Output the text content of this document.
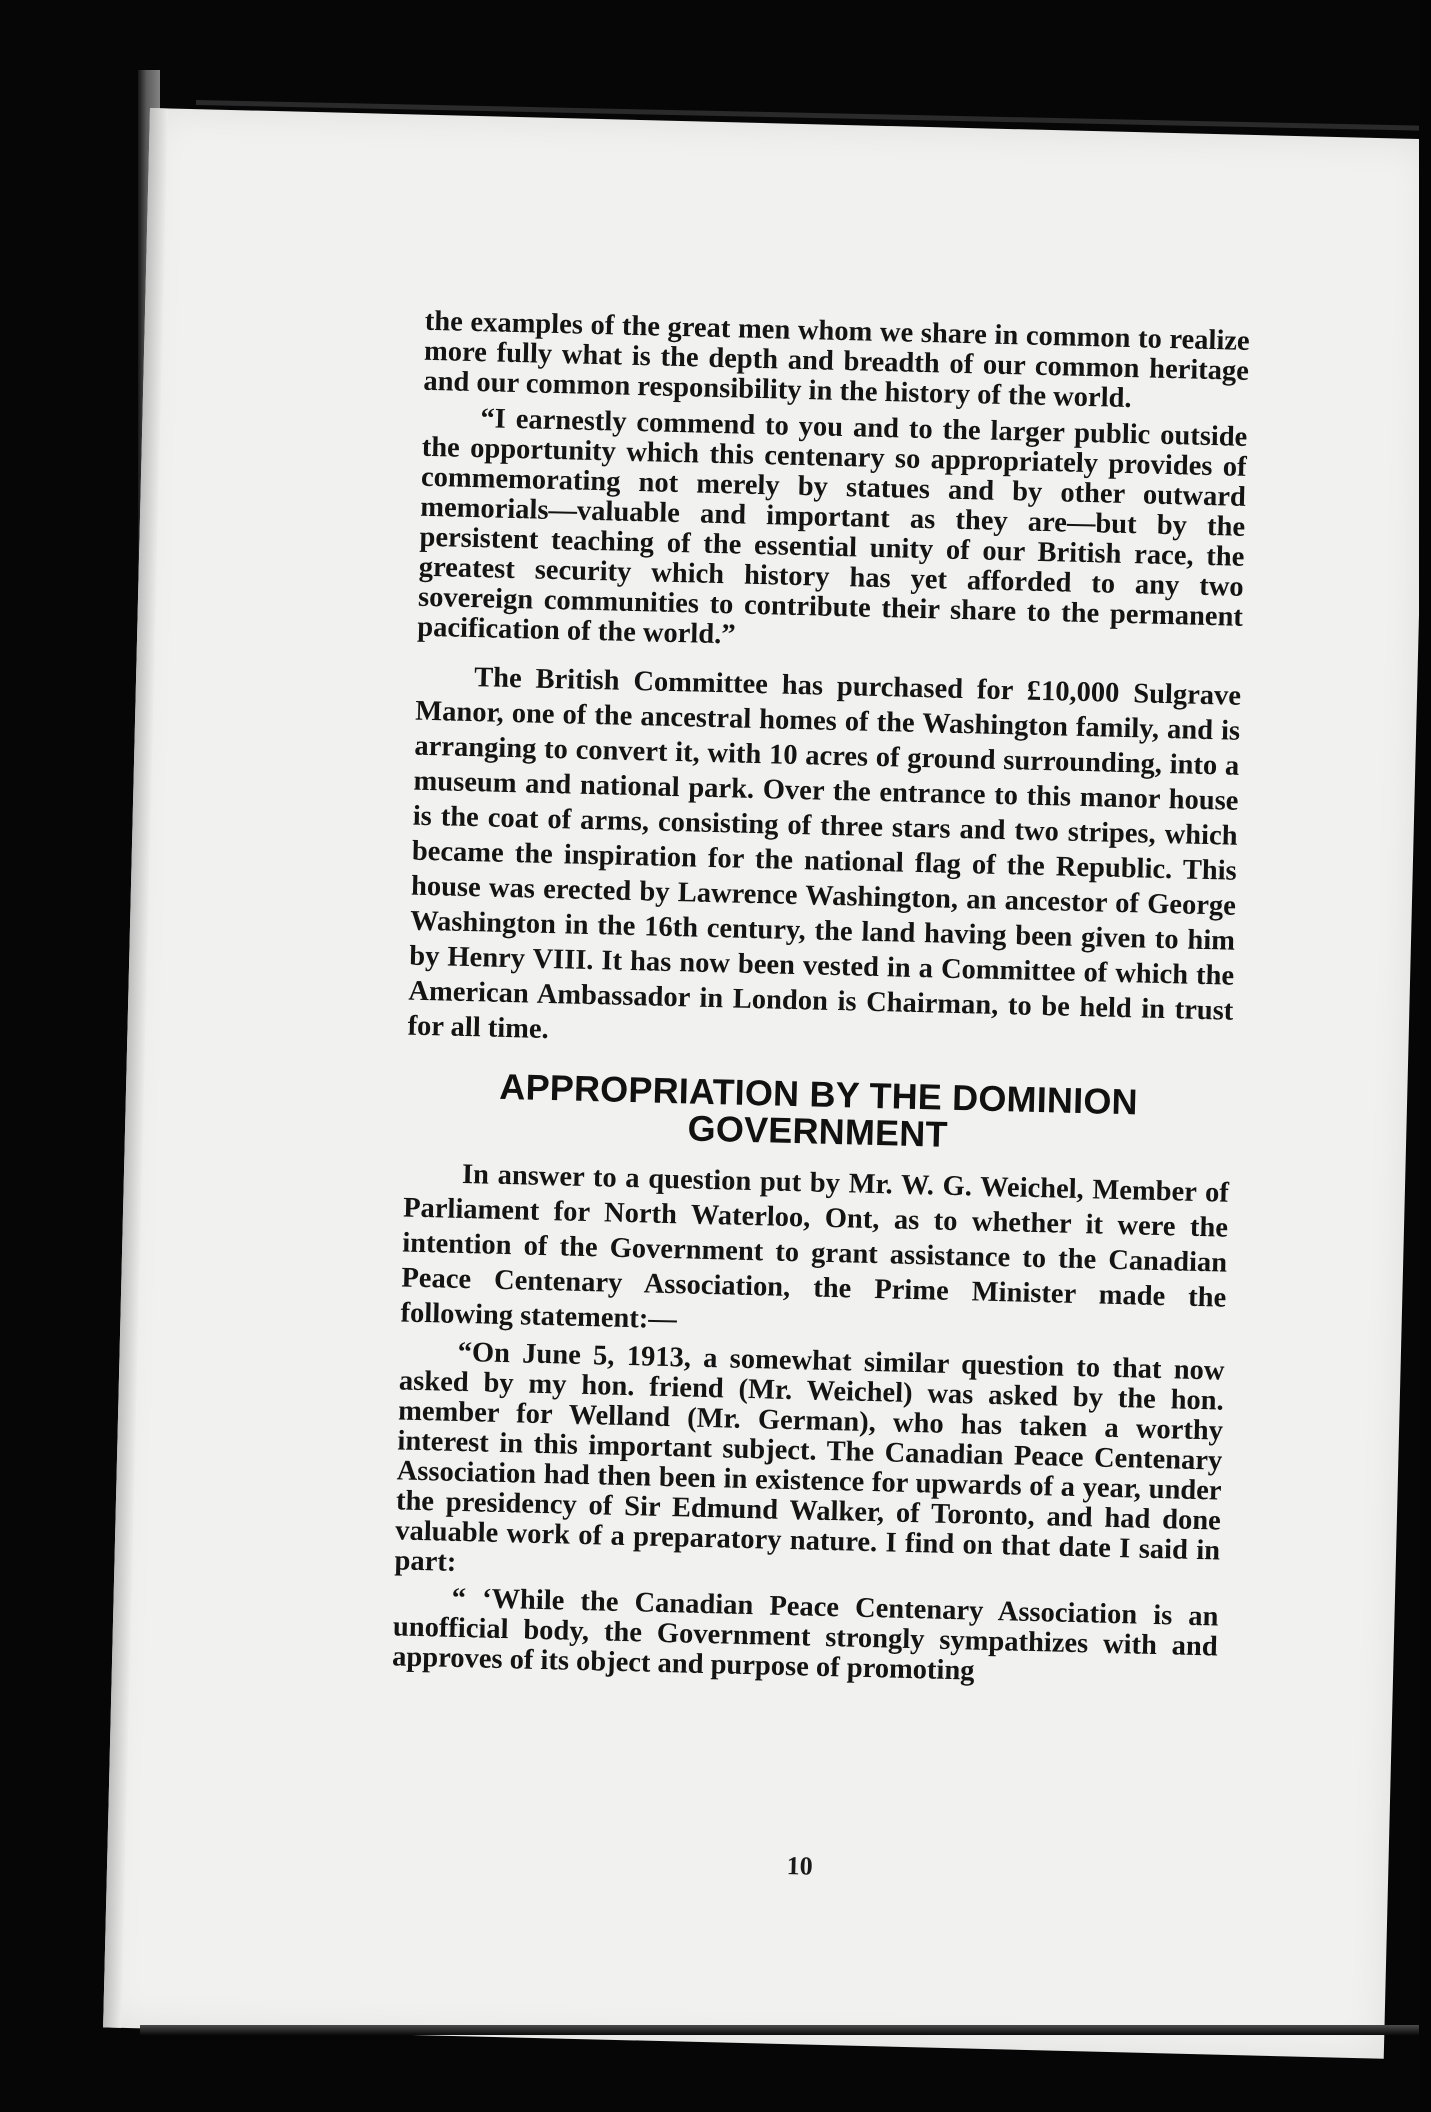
the examples of the great men whom we share in common to realize more fully what is the depth and breadth of our common heritage and our common responsibility in the history of the world.

“I earnestly commend to you and to the larger public outside the opportunity which this centenary so appropriately provides of commemorating not merely by statues and by other outward memorials—valuable and important as they are—but by the persistent teaching of the essential unity of our British race, the greatest security which history has yet afforded to any two sovereign communities to contribute their share to the permanent pacification of the world.”

The British Committee has purchased for £10,000 Sulgrave Manor, one of the ancestral homes of the Washington family, and is arranging to convert it, with 10 acres of ground surrounding, into a museum and national park. Over the entrance to this manor house is the coat of arms, consisting of three stars and two stripes, which became the inspiration for the national flag of the Republic. This house was erected by Lawrence Washington, an ancestor of George Washington in the 16th century, the land having been given to him by Henry VIII. It has now been vested in a Committee of which the American Ambassador in London is Chairman, to be held in trust for all time.

APPROPRIATION BY THE DOMINION GOVERNMENT

In answer to a question put by Mr. W. G. Weichel, Member of Parliament for North Waterloo, Ont, as to whether it were the intention of the Government to grant assistance to the Canadian Peace Centenary Association, the Prime Minister made the following statement:—

“On June 5, 1913, a somewhat similar question to that now asked by my hon. friend (Mr. Weichel) was asked by the hon. member for Welland (Mr. German), who has taken a worthy interest in this important subject. The Canadian Peace Centenary Association had then been in existence for upwards of a year, under the presidency of Sir Edmund Walker, of Toronto, and had done valuable work of a preparatory nature. I find on that date I said in part:

“ ‘While the Canadian Peace Centenary Association is an unofficial body, the Government strongly sympathizes with and approves of its object and purpose of promoting

10
